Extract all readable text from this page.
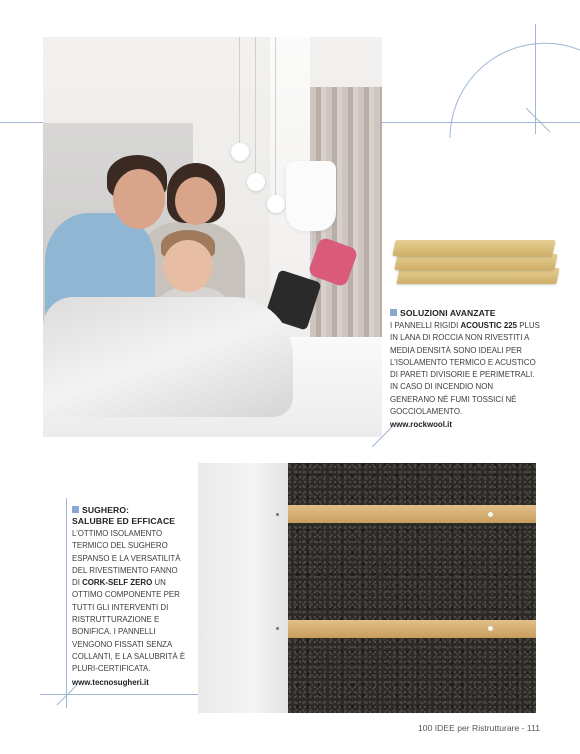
SOLUZIONI AVANZATE
I PANNELLI RIGIDI ACOUSTIC 225 PLUS IN LANA DI ROCCIA NON RIVESTITI A MEDIA DENSITÀ SONO IDEALI PER L’ISOLAMENTO TERMICO E ACUSTICO DI PARETI DIVISORIE E PERIMETRALI. IN CASO DI INCENDIO NON GENERANO NÉ FUMI TOSSICI NÉ GOCCIOLAMENTO.
www.rockwool.it
SUGHERO:
SALUBRE ED EFFICACE
L’OTTIMO ISOLAMENTO TERMICO DEL SUGHERO ESPANSO E LA VERSATILITÀ DEL RIVESTIMENTO FANNO DI CORK-SELF ZERO UN OTTIMO COMPONENTE PER TUTTI GLI INTERVENTI DI RISTRUTTURAZIONE E BONIFICA. I PANNELLI VENGONO FISSATI SENZA COLLANTI, E LA SALUBRITÀ È PLURI-CERTIFICATA.
www.tecnosugheri.it
100 IDEE per Ristrutturare - 111
